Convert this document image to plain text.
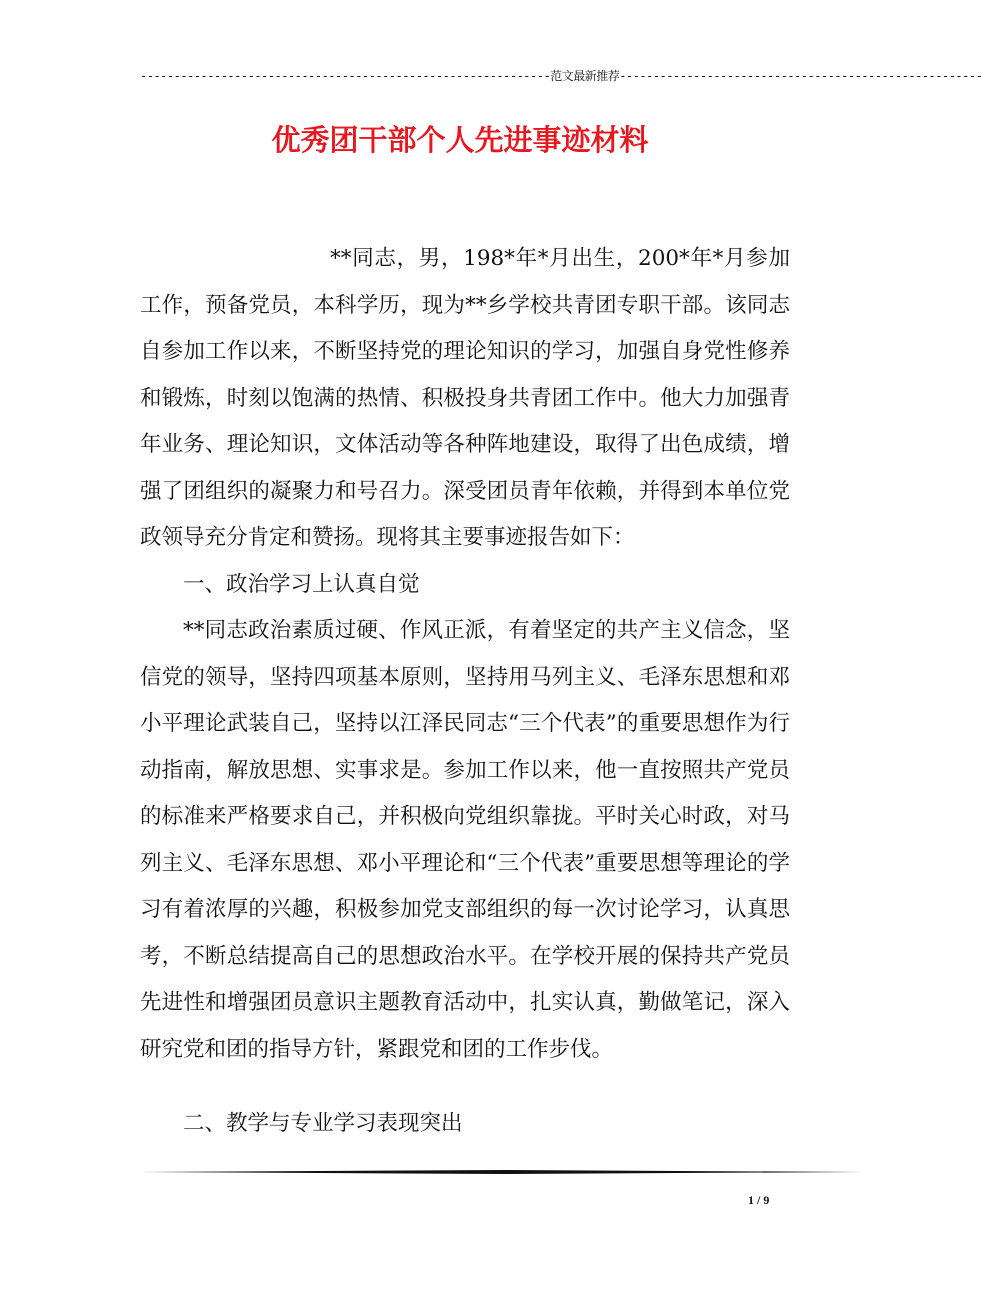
-------------------------------------------------------------范文最新推荐------------------------------------------------------
优秀团干部个人先进事迹材料

**同志，男，198*年*月出生，200*年*月参加工作，预备党员，本科学历，现为**乡学校共青团专职干部。该同志自参加工作以来，不断坚持党的理论知识的学习，加强自身党性修养和锻炼，时刻以饱满的热情、积极投身共青团工作中。他大力加强青年业务、理论知识，文体活动等各种阵地建设，取得了出色成绩，增强了团组织的凝聚力和号召力。深受团员青年依赖，并得到本单位党政领导充分肯定和赞扬。现将其主要事迹报告如下：

一、政治学习上认真自觉

**同志政治素质过硬、作风正派，有着坚定的共产主义信念，坚信党的领导，坚持四项基本原则，坚持用马列主义、毛泽东思想和邓小平理论武装自己，坚持以江泽民同志“三个代表”的重要思想作为行动指南，解放思想、实事求是。参加工作以来，他一直按照共产党员的标准来严格要求自己，并积极向党组织靠拢。平时关心时政，对马列主义、毛泽东思想、邓小平理论和“三个代表”重要思想等理论的学习有着浓厚的兴趣，积极参加党支部组织的每一次讨论学习，认真思考，不断总结提高自己的思想政治水平。在学校开展的保持共产党员先进性和增强团员意识主题教育活动中，扎实认真，勤做笔记，深入研究党和团的指导方针，紧跟党和团的工作步伐。

二、教学与专业学习表现突出
1 / 9
